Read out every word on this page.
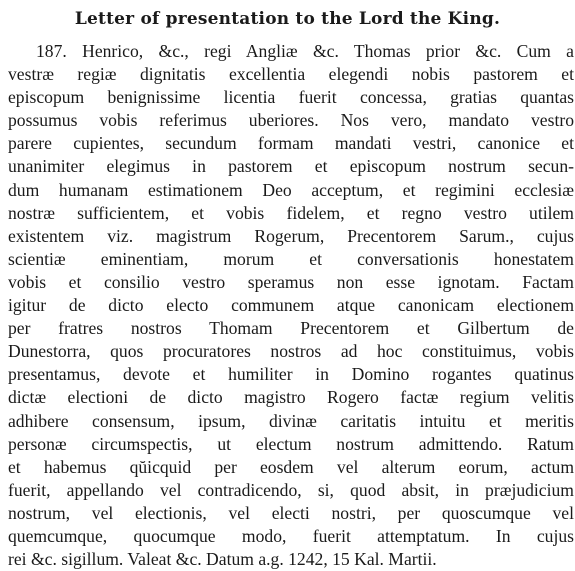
Letter of presentation to the Lord the King.
187. Henrico, &c., regi Angliæ &c. Thomas prior &c. Cum a
vestræ regiæ dignitatis excellentia elegendi nobis pastorem et
episcopum benignissime licentia fuerit concessa, gratias quantas
possumus vobis referimus uberiores. Nos vero, mandato vestro
parere cupientes, secundum formam mandati vestri, canonice et
unanimiter elegimus in pastorem et episcopum nostrum secun-
dum humanam estimationem Deo acceptum, et regimini ecclesiæ
nostræ sufficientem, et vobis fidelem, et regno vestro utilem
existentem viz. magistrum Rogerum, Precentorem Sarum., cujus
scientiæ eminentiam, morum et conversationis honestatem
vobis et consilio vestro speramus non esse ignotam. Factam
igitur de dicto electo communem atque canonicam electionem
per fratres nostros Thomam Precentorem et Gilbertum de
Dunestorra, quos procuratores nostros ad hoc constituimus, vobis
presentamus, devote et humiliter in Domino rogantes quatinus
dictæ electioni de dicto magistro Rogero factæ regium velitis
adhibere consensum, ipsum, divinæ caritatis intuitu et meritis
personæ circumspectis, ut electum nostrum admittendo. Ratum
et habemus qŭicquid per eosdem vel alterum eorum, actum
fuerit, appellando vel contradicendo, si, quod absit, in præjudicium
nostrum, vel electionis, vel electi nostri, per quoscumque vel
quemcumque, quocumque modo, fuerit attemptatum. In cujus
rei &c. sigillum. Valeat &c. Datum a.g. 1242, 15 Kal. Martii.
